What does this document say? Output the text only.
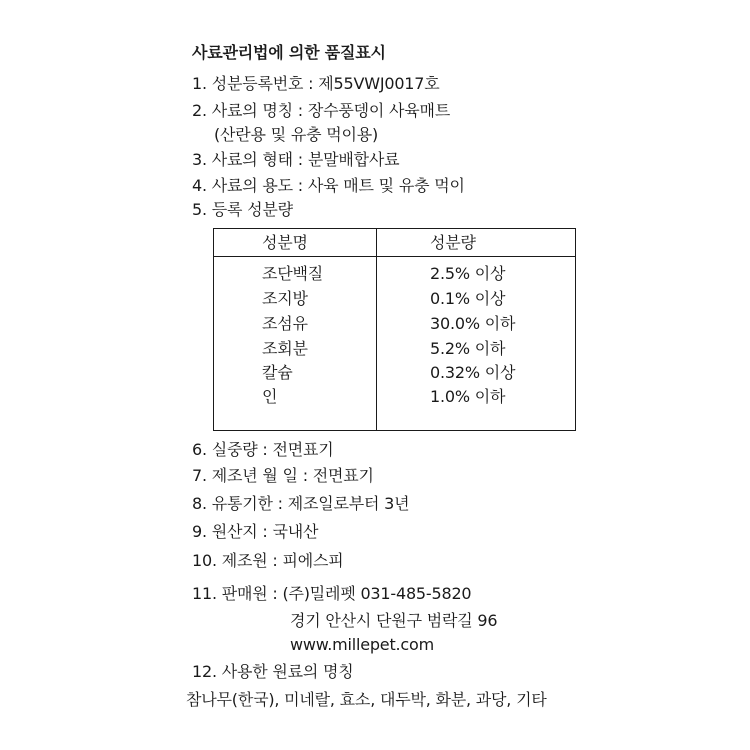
사료관리법에 의한 품질표시
1. 성분등록번호 : 제55VWJ0017호
2. 사료의 명칭 : 장수풍뎅이 사육매트
(산란용 및 유충 먹이용)
3. 사료의 형태 : 분말배합사료
4. 사료의 용도 : 사육 매트 및 유충 먹이
5. 등록 성분량
성분명	성분량
조단백질	2.5% 이상
조지방	0.1% 이상
조섬유	30.0% 이하
조회분	5.2% 이하
칼슘	0.32% 이상
인	1.0% 이하
6. 실중량 : 전면표기
7. 제조년 월 일 : 전면표기
8. 유통기한 : 제조일로부터 3년
9. 원산지 : 국내산
10. 제조원 : 피에스피
11. 판매원 : (주)밀레펫 031-485-5820
경기 안산시 단원구 범락길 96
www.millepet.com
12. 사용한 원료의 명칭
참나무(한국), 미네랄, 효소, 대두박, 화분, 과당, 기타
